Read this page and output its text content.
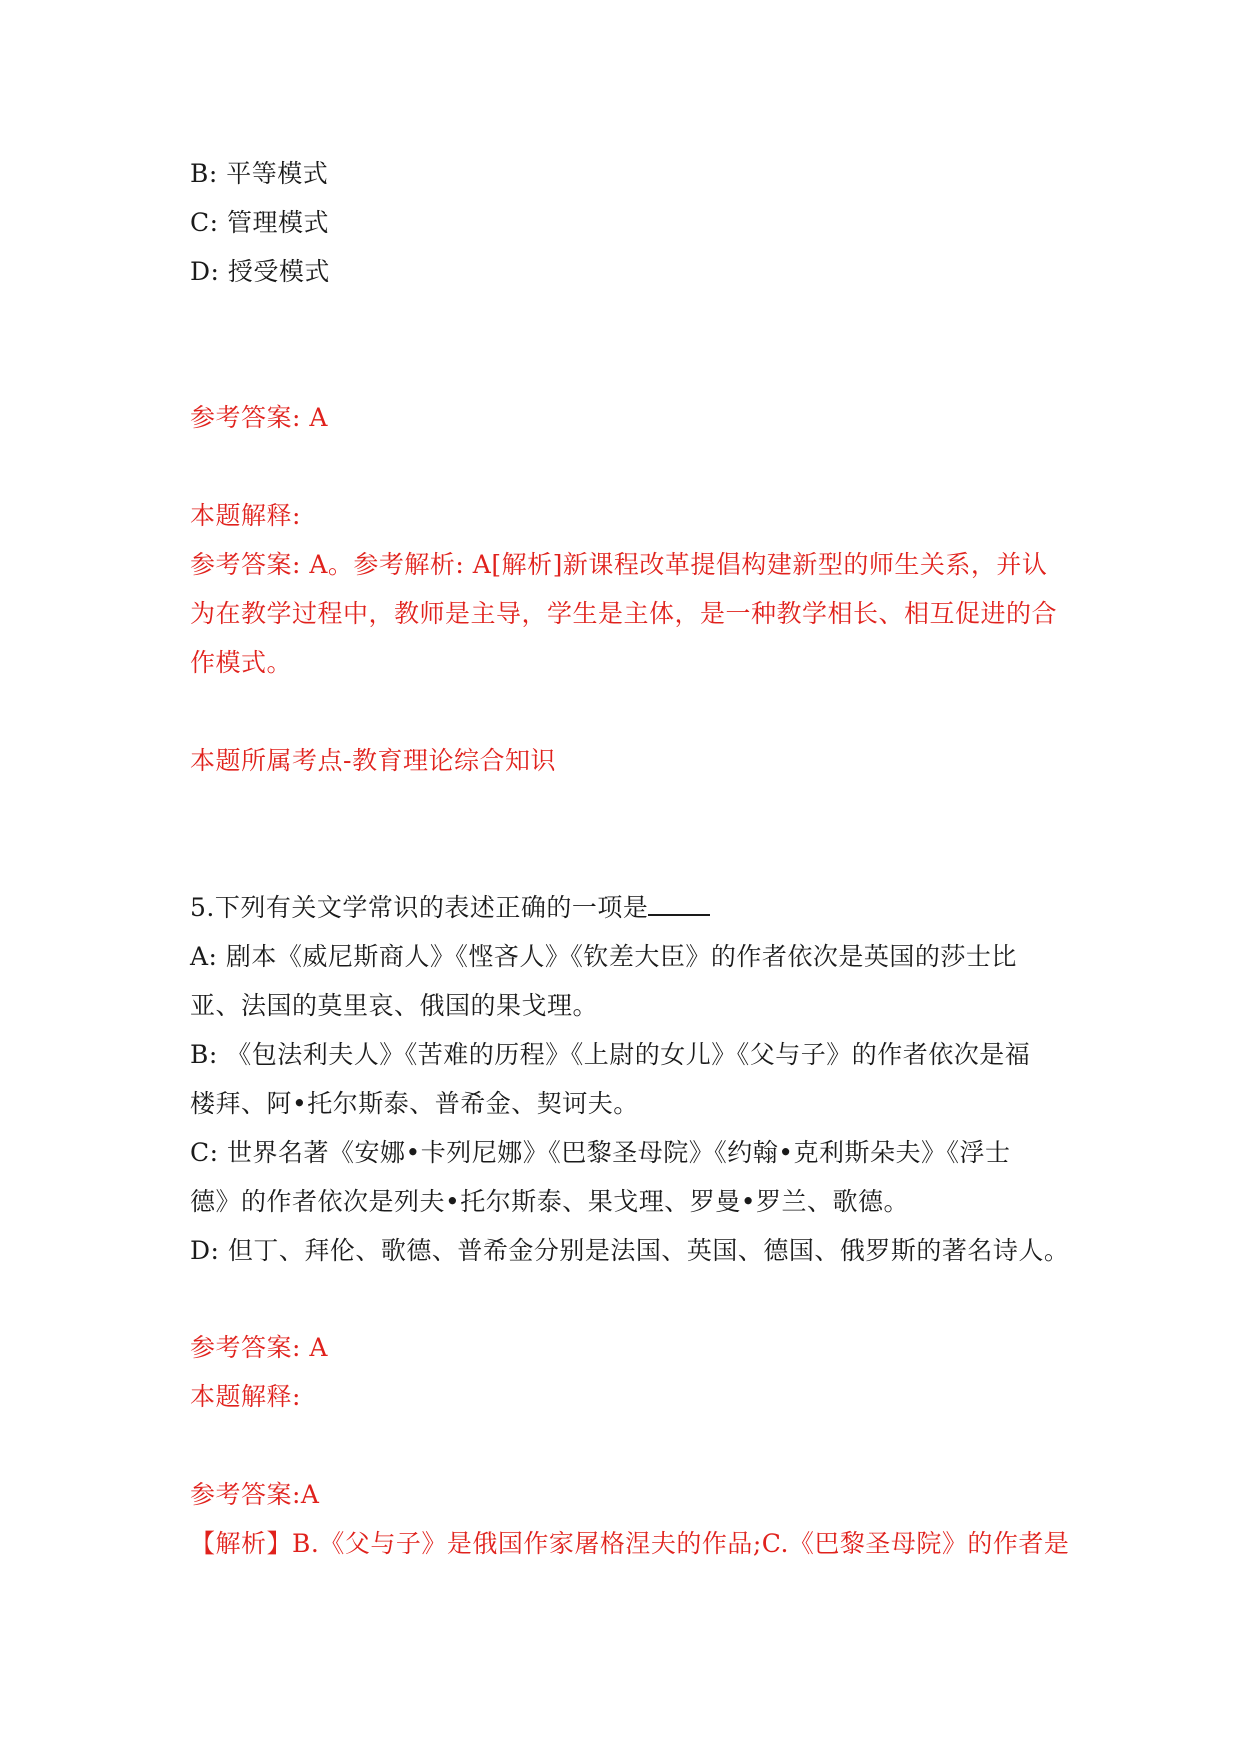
B: 平等模式
C: 管理模式
D: 授受模式
参考答案: A
本题解释:
参考答案: A。参考解析: A[解析]新课程改革提倡构建新型的师生关系，并认
为在教学过程中，教师是主导，学生是主体，是一种教学相长、相互促进的合
作模式。
本题所属考点-教育理论综合知识
5.下列有关文学常识的表述正确的一项是
A: 剧本《威尼斯商人》《悭吝人》《钦差大臣》的作者依次是英国的莎士比
亚、法国的莫里哀、俄国的果戈理。
B: 《包法利夫人》《苦难的历程》《上尉的女儿》《父与子》的作者依次是福
楼拜、阿•托尔斯泰、普希金、契诃夫。
C: 世界名著《安娜•卡列尼娜》《巴黎圣母院》《约翰•克利斯朵夫》《浮士
德》的作者依次是列夫•托尔斯泰、果戈理、罗曼•罗兰、歌德。
D: 但丁、拜伦、歌德、普希金分别是法国、英国、德国、俄罗斯的著名诗人。
参考答案: A
本题解释:
参考答案:A
【解析】B.《父与子》是俄国作家屠格涅夫的作品;C.《巴黎圣母院》的作者是
